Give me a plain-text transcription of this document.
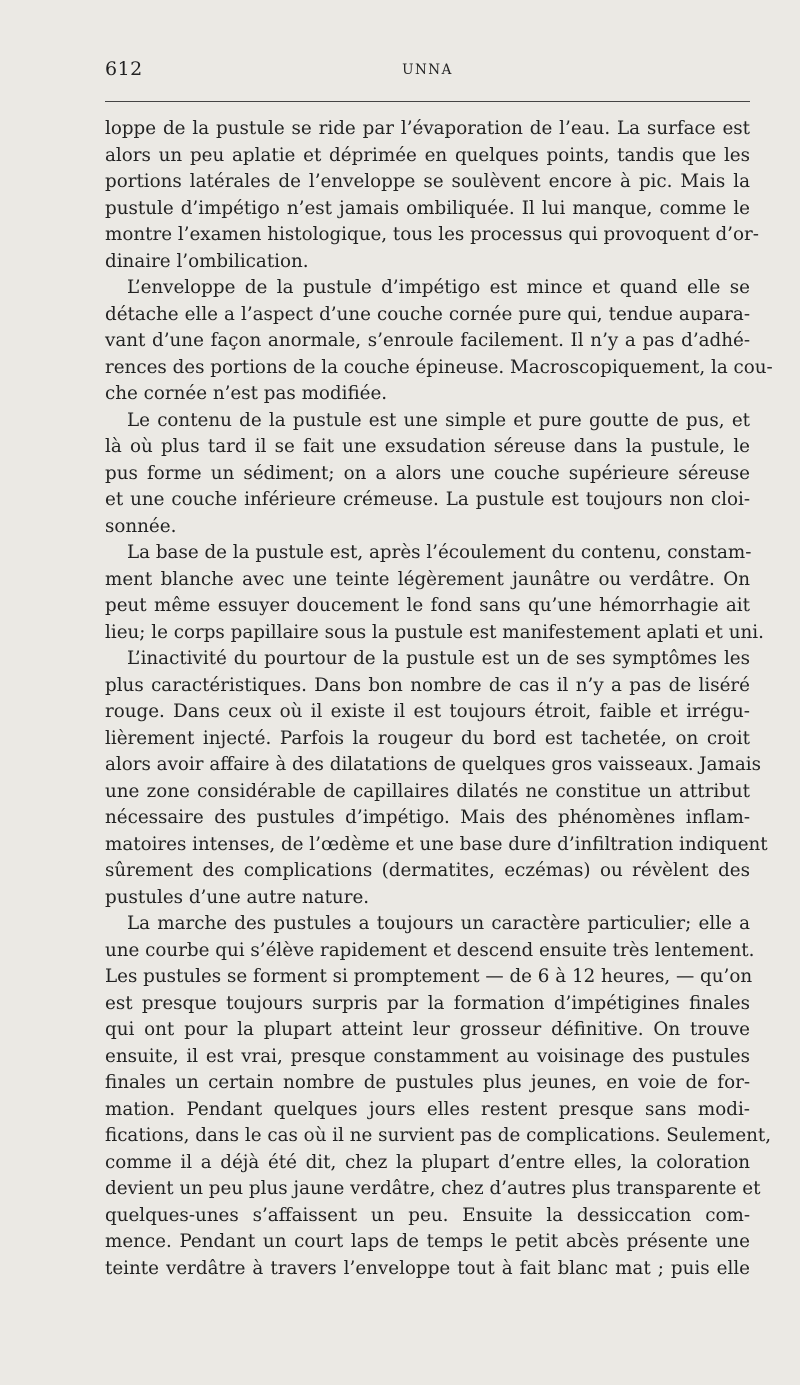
612	UNNA
loppe de la pustule se ride par l’évaporation de l’eau. La surface est
alors un peu aplatie et déprimée en quelques points, tandis que les
portions latérales de l’enveloppe se soulèvent encore à pic. Mais la
pustule d’impétigo n’est jamais ombiliquée. Il lui manque, comme le
montre l’examen histologique, tous les processus qui provoquent d’or-
dinaire l’ombilication.
L’enveloppe de la pustule d’impétigo est mince et quand elle se
détache elle a l’aspect d’une couche cornée pure qui, tendue aupara-
vant d’une façon anormale, s’enroule facilement. Il n’y a pas d’adhé-
rences des portions de la couche épineuse. Macroscopiquement, la cou-
che cornée n’est pas modifiée.
Le contenu de la pustule est une simple et pure goutte de pus, et
là où plus tard il se fait une exsudation séreuse dans la pustule, le
pus forme un sédiment; on a alors une couche supérieure séreuse
et une couche inférieure crémeuse. La pustule est toujours non cloi-
sonnée.
La base de la pustule est, après l’écoulement du contenu, constam-
ment blanche avec une teinte légèrement jaunâtre ou verdâtre. On
peut même essuyer doucement le fond sans qu’une hémorrhagie ait
lieu; le corps papillaire sous la pustule est manifestement aplati et uni.
L’inactivité du pourtour de la pustule est un de ses symptômes les
plus caractéristiques. Dans bon nombre de cas il n’y a pas de liséré
rouge. Dans ceux où il existe il est toujours étroit, faible et irrégu-
lièrement injecté. Parfois la rougeur du bord est tachetée, on croit
alors avoir affaire à des dilatations de quelques gros vaisseaux. Jamais
une zone considérable de capillaires dilatés ne constitue un attribut
nécessaire des pustules d’impétigo. Mais des phénomènes inflam-
matoires intenses, de l’œdème et une base dure d’infiltration indiquent
sûrement des complications (dermatites, eczémas) ou révèlent des
pustules d’une autre nature.
La marche des pustules a toujours un caractère particulier; elle a
une courbe qui s’élève rapidement et descend ensuite très lentement.
Les pustules se forment si promptement — de 6 à 12 heures, — qu’on
est presque toujours surpris par la formation d’impétigines finales
qui ont pour la plupart atteint leur grosseur définitive. On trouve
ensuite, il est vrai, presque constamment au voisinage des pustules
finales un certain nombre de pustules plus jeunes, en voie de for-
mation. Pendant quelques jours elles restent presque sans modi-
fications, dans le cas où il ne survient pas de complications. Seulement,
comme il a déjà été dit, chez la plupart d’entre elles, la coloration
devient un peu plus jaune verdâtre, chez d’autres plus transparente et
quelques-unes s’affaissent un peu. Ensuite la dessiccation com-
mence. Pendant un court laps de temps le petit abcès présente une
teinte verdâtre à travers l’enveloppe tout à fait blanc mat ; puis elle
